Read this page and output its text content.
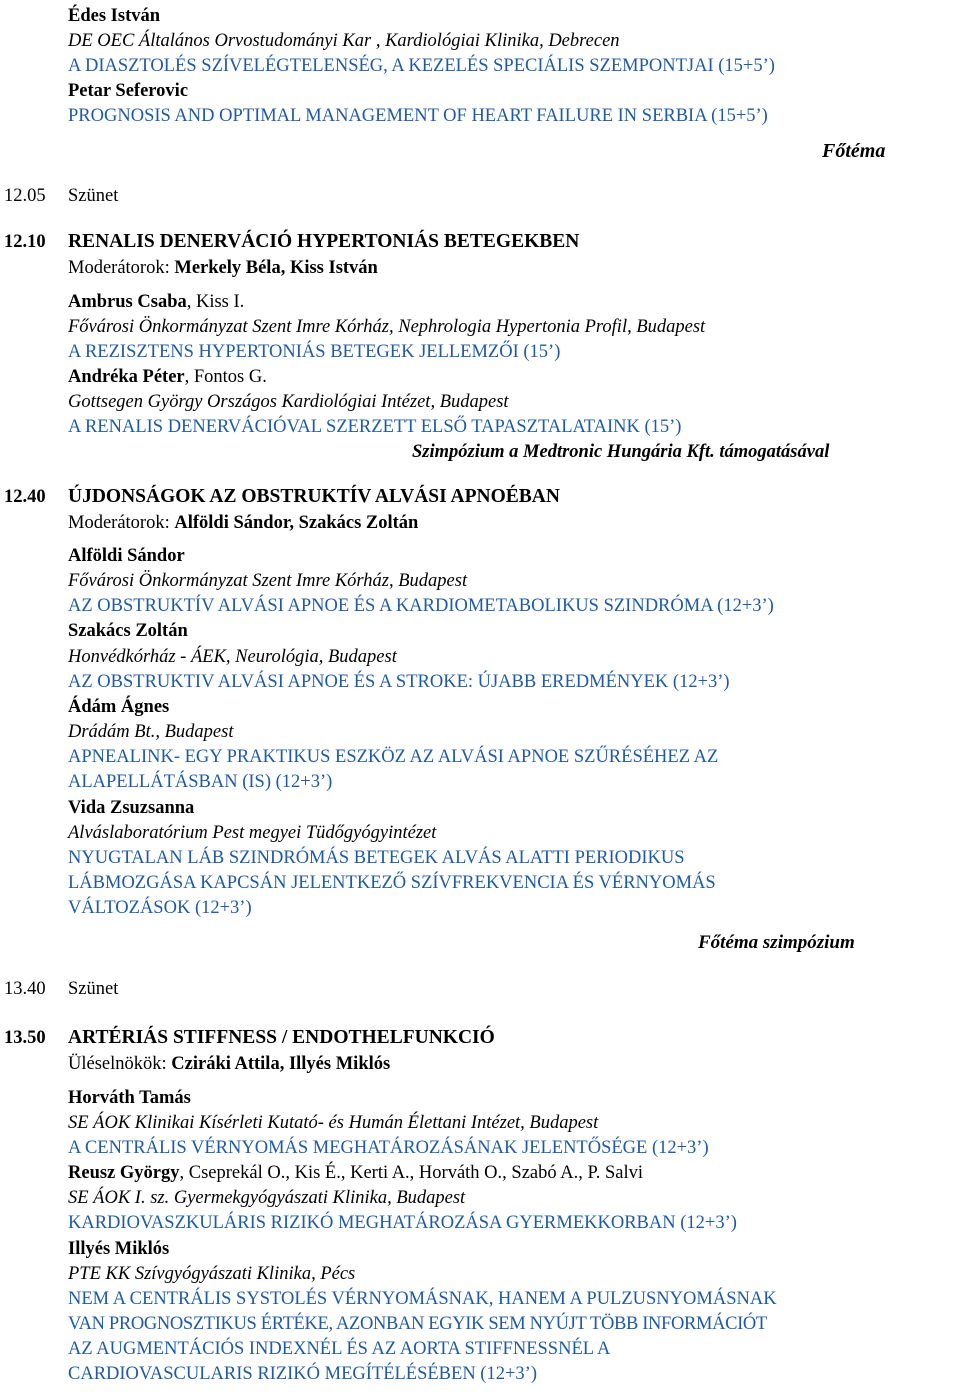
Édes István
DE OEC Általános Orvostudományi Kar , Kardiológiai Klinika, Debrecen
A DIASZTOLÉS SZÍVELÉGTELENSÉG, A KEZELÉS SPECIÁLIS SZEMPONTJAI (15+5’)
Petar Seferovic
PROGNOSIS AND OPTIMAL MANAGEMENT OF HEART FAILURE IN SERBIA (15+5’)
Főtéma
12.05 Szünet
12.10 RENALIS DENERVÁCIÓ HYPERTONIÁS BETEGEKBEN
Moderátorok: Merkely Béla, Kiss István
Ambrus Csaba, Kiss I.
Fővárosi Önkormányzat Szent Imre Kórház, Nephrologia Hypertonia Profil, Budapest
A REZISZTENS HYPERTONIÁS BETEGEK JELLEMZŐI (15’)
Andréka Péter, Fontos G.
Gottsegen György Országos Kardiológiai Intézet, Budapest
A RENALIS DENERVÁCIÓVAL SZERZETT ELSŐ TAPASZTALATAINK (15’)
Szimpózium a Medtronic Hungária Kft. támogatásával
12.40 ÚJDONSÁGOK AZ OBSTRUKTÍV ALVÁSI APNOÉBAN
Moderátorok: Alföldi Sándor, Szakács Zoltán
Alföldi Sándor
Fővárosi Önkormányzat Szent Imre Kórház, Budapest
AZ OBSTRUKTÍV ALVÁSI APNOE ÉS A KARDIOMETABOLIKUS SZINDRÓMA (12+3’)
Szakács Zoltán
Honvédkórház - ÁEK, Neurológia, Budapest
AZ OBSTRUKTIV ALVÁSI APNOE ÉS A STROKE: ÚJABB EREDMÉNYEK (12+3’)
Ádám Ágnes
Drádám Bt., Budapest
APNEALINK- EGY PRAKTIKUS ESZKÖZ AZ ALVÁSI APNOE SZŰRÉSÉHEZ AZ
ALAPELLÁTÁSBAN (IS) (12+3’)
Vida Zsuzsanna
Alváslaboratórium Pest megyei Tüdőgyógyintézet
NYUGTALAN LÁB SZINDRÓMÁS BETEGEK ALVÁS ALATTI PERIODIKUS
LÁBMOZGÁSA KAPCSÁN JELENTKEZŐ SZÍVFREKVENCIA ÉS VÉRNYOMÁS
VÁLTOZÁSOK (12+3’)
Főtéma szimpózium
13.40 Szünet
13.50 ARTÉRIÁS STIFFNESS / ENDOTHELFUNKCIÓ
Üléselnökök: Cziráki Attila, Illyés Miklós
Horváth Tamás
SE ÁOK Klinikai Kísérleti Kutató- és Humán Élettani Intézet, Budapest
A CENTRÁLIS VÉRNYOMÁS MEGHATÁROZÁSÁNAK JELENTŐSÉGE (12+3’)
Reusz György, Cseprekál O., Kis É., Kerti A., Horváth O., Szabó A., P. Salvi
SE ÁOK I. sz. Gyermekgyógyászati Klinika, Budapest
KARDIOVASZKULÁRIS RIZIKÓ MEGHATÁROZÁSA GYERMEKKORBAN (12+3’)
Illyés Miklós
PTE KK Szívgyógyászati Klinika, Pécs
NEM A CENTRÁLIS SYSTOLÉS VÉRNYOMÁSNAK, HANEM A PULZUSNYOMÁSNAK
VAN PROGNOSZTIKUS ÉRTÉKE, AZONBAN EGYIK SEM NYÚJT TÖBB INFORMÁCIÓT
AZ AUGMENTÁCIÓS INDEXNÉL ÉS AZ AORTA STIFFNESSNÉL A
CARDIOVASCULARIS RIZIKÓ MEGÍTÉLÉSÉBEN (12+3’)
